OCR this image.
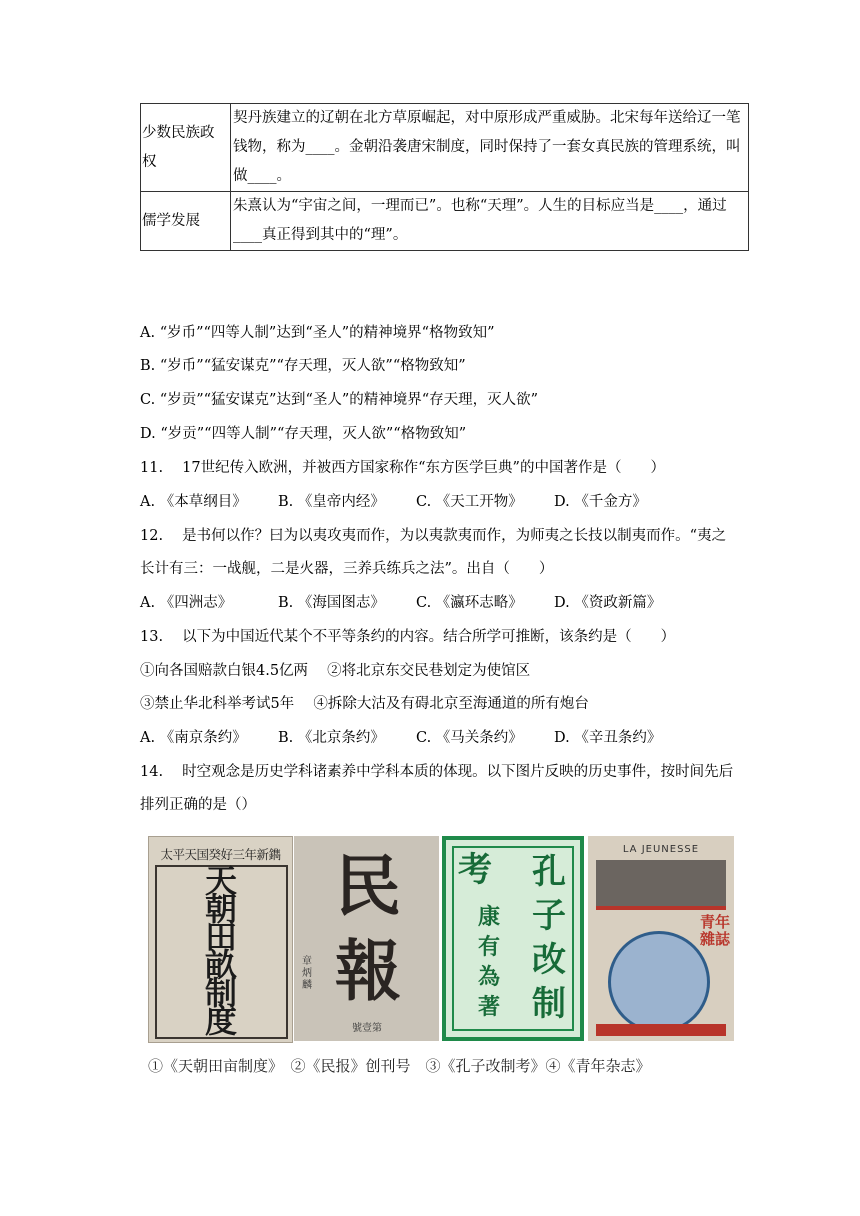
少数民族政权	契丹族建立的辽朝在北方草原崛起，对中原形成严重威胁。北宋每年送给辽一笔钱物，称为____。金朝沿袭唐宋制度，同时保持了一套女真民族的管理系统，叫做____。
儒学发展	朱熹认为“宇宙之间，一理而已”。也称“天理”。人生的目标应当是____，通过____真正得到其中的“理”。
A. “岁币”“四等人制”达到“圣人”的精神境界“格物致知”
B. “岁币”“猛安谋克”“存天理，灭人欲”“格物致知”
C. “岁贡”“猛安谋克”达到“圣人”的精神境界“存天理，灭人欲”
D. “岁贡”“四等人制”“存天理，灭人欲”“格物致知”
11.　 17世纪传入欧洲，并被西方国家称作“东方医学巨典”的中国著作是（　　）
A. 《本草纲目》 B. 《皇帝内经》 C. 《天工开物》 D. 《千金方》
12.　 是书何以作？曰为以夷攻夷而作，为以夷款夷而作，为师夷之长技以制夷而作。“夷之
长计有三：一战舰，二是火器，三养兵练兵之法”。出自（　　）
A. 《四洲志》	B. 《海国图志》 C. 《瀛环志略》 D. 《资政新篇》
13.　 以下为中国近代某个不平等条约的内容。结合所学可推断，该条约是（　　）
①向各国赔款白银4.5亿两　 ②将北京东交民巷划定为使馆区
③禁止华北科举考试5年　 ④拆除大沽及有碍北京至海通道的所有炮台
A. 《南京条约》 B. 《北京条约》 C. 《马关条约》 D. 《辛丑条约》
14.　 时空观念是历史学科诸素养中学科本质的体现。以下图片反映的历史事件，按时间先后
排列正确的是（）
太平天国癸好三年新鐫
天朝田畝制度
民報
章炳麟
號壹第
考 孔子改制
康有為著
LA JEUNESSE
青年雜誌
①《天朝田亩制度》　②《民报》创刊号　③《孔子改制考》④《青年杂志》
